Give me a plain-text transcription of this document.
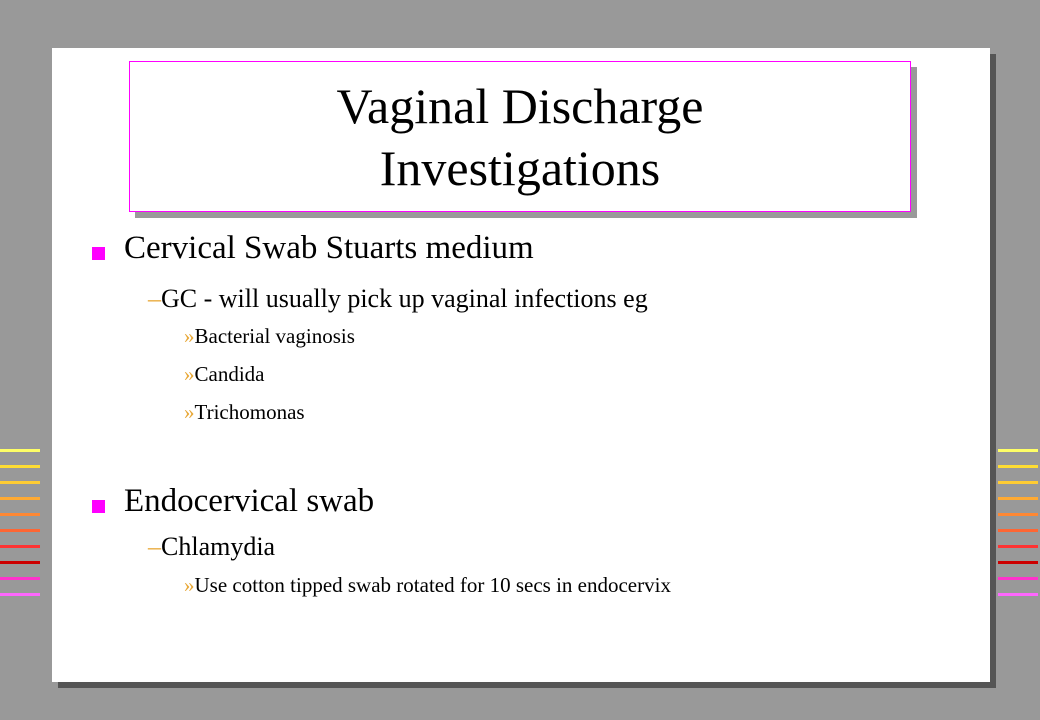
Vaginal Discharge
Investigations
Cervical Swab Stuarts medium
–GC - will usually pick up vaginal infections eg
»Bacterial vaginosis
»Candida
»Trichomonas
Endocervical swab
–Chlamydia
»Use cotton tipped swab rotated for 10 secs in endocervix
